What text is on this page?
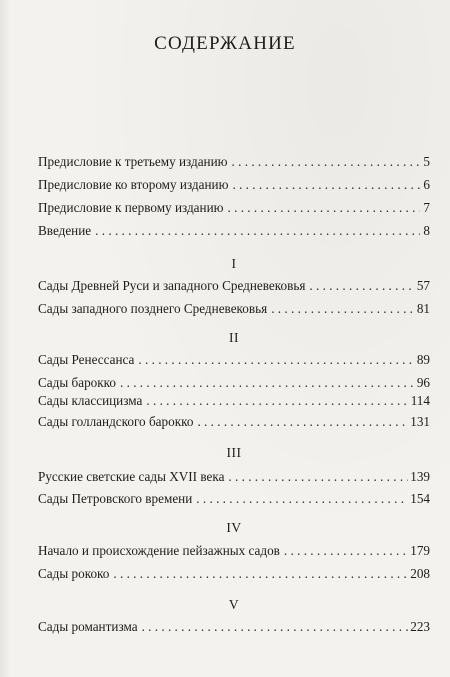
СОДЕРЖАНИЕ
Предисловие к третьему изданию . . .	5
Предисловие ко второму изданию . . .	6
Предисловие к первому изданию . . .	7
Введение . . .	8
I
Сады Древней Руси и западного Средневековья . . .	57
Сады западного позднего Средневековья . . .	81
II
Сады Ренессанса . . .	89
Сады барокко . . .	96
Сады классицизма . . .	114
Сады голландского барокко . . .	131
III
Русские светские сады XVII века . . .	139
Сады Петровского времени . . .	154
IV
Начало и происхождение пейзажных садов . . .	179
Сады рококо . . .	208
V
Сады романтизма . . .	223
